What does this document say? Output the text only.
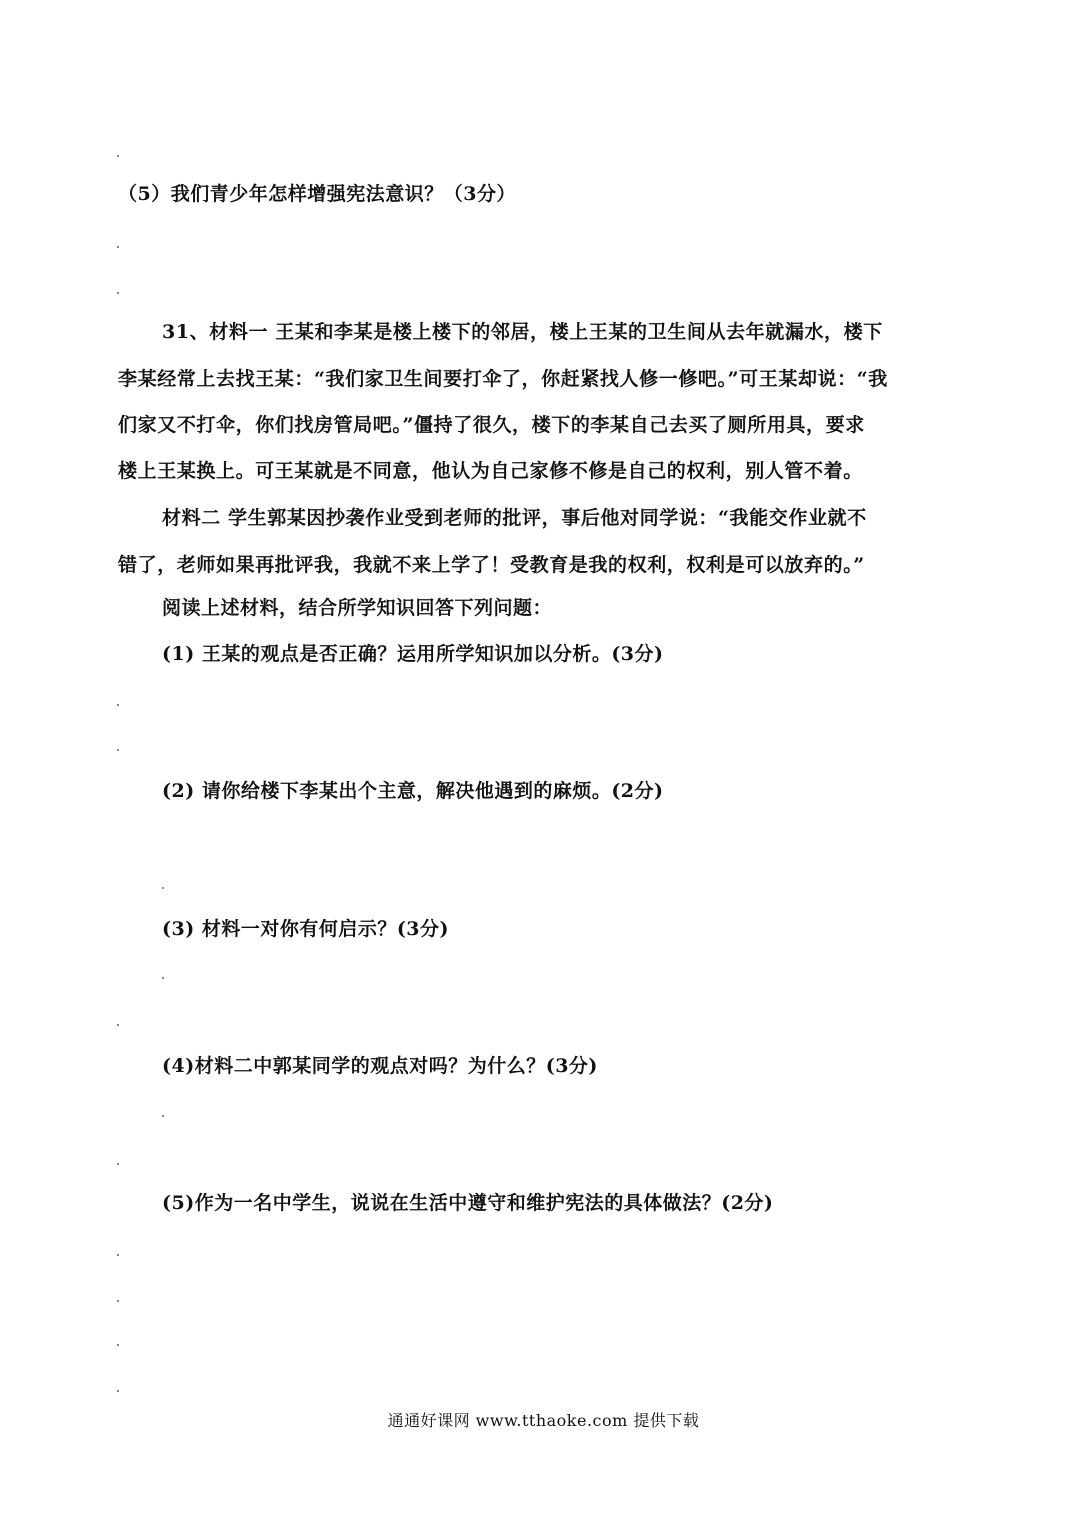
（5）我们青少年怎样增强宪法意识？（3分）
31、材料一 王某和李某是楼上楼下的邻居，楼上王某的卫生间从去年就漏水，楼下
李某经常上去找王某：“我们家卫生间要打伞了，你赶紧找人修一修吧。”可王某却说：“我
们家又不打伞，你们找房管局吧。”僵持了很久，楼下的李某自己去买了厕所用具，要求
楼上王某换上。可王某就是不同意，他认为自己家修不修是自己的权利，别人管不着。
材料二 学生郭某因抄袭作业受到老师的批评，事后他对同学说：“我能交作业就不
错了，老师如果再批评我，我就不来上学了！受教育是我的权利，权利是可以放弃的。”
阅读上述材料，结合所学知识回答下列问题：
(1) 王某的观点是否正确？运用所学知识加以分析。(3分)
(2) 请你给楼下李某出个主意，解决他遇到的麻烦。(2分)
(3) 材料一对你有何启示？(3分)
(4)材料二中郭某同学的观点对吗？为什么？(3分)
(5)作为一名中学生，说说在生活中遵守和维护宪法的具体做法？(2分)
通通好课网 www.tthaoke.com 提供下载
